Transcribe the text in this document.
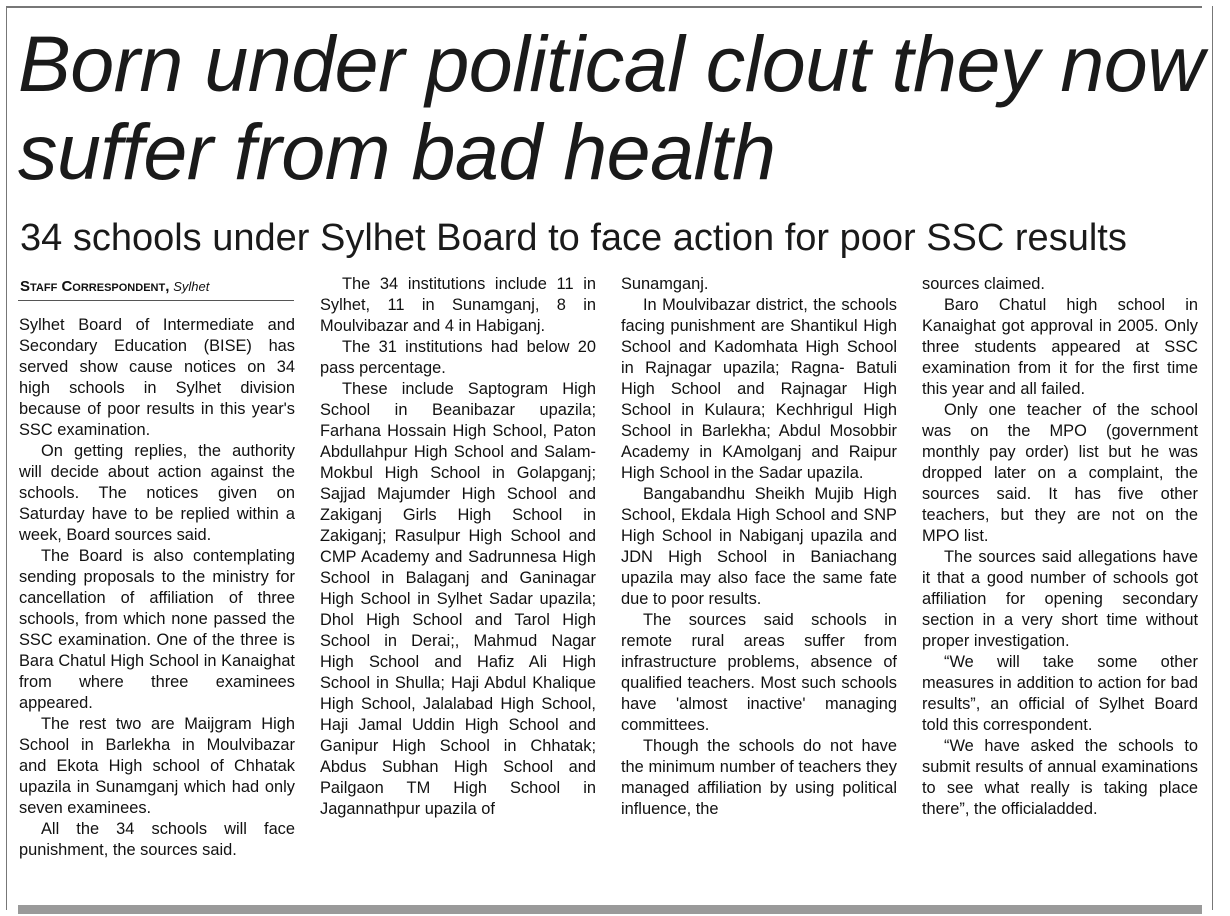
Born under political clout they now suffer from bad health
34 schools under Sylhet Board to face action for poor SSC results
Staff Correspondent, Sylhet

Sylhet Board of Intermediate and Secondary Education (BISE) has served show cause notices on 34 high schools in Sylhet division because of poor results in this year's SSC examination.

On getting replies, the authority will decide about action against the schools. The notices given on Saturday have to be replied within a week, Board sources said.

The Board is also contemplating sending proposals to the ministry for cancellation of affiliation of three schools, from which none passed the SSC examination. One of the three is Bara Chatul High School in Kanaighat from where three examinees appeared.

The rest two are Maijgram High School in Barlekha in Moulvibazar and Ekota High school of Chhatak upazila in Sunamganj which had only seven examinees.

All the 34 schools will face punishment, the sources said.

The 34 institutions include 11 in Sylhet, 11 in Sunamganj, 8 in Moulvibazar and 4 in Habiganj.

The 31 institutions had below 20 pass percentage.

These include Saptogram High School in Beanibazar upazila; Farhana Hossain High School, Paton Abdullahpur High School and Salam-Mokbul High School in Golapganj; Sajjad Majumder High School and Zakiganj Girls High School in Zakiganj; Rasulpur High School and CMP Academy and Sadrunnesa High School in Balaganj and Ganinagar High School in Sylhet Sadar upazila; Dhol High School and Tarol High School in Derai;, Mahmud Nagar High School and Hafiz Ali High School in Shulla; Haji Abdul Khalique High School, Jalalabad High School, Haji Jamal Uddin High School and Ganipur High School in Chhatak; Abdus Subhan High School and Pailgaon TM High School in Jagannathpur upazila of

Sunamganj.

In Moulvibazar district, the schools facing punishment are Shantikul High School and Kadomhata High School in Rajnagar upazila; Ragna- Batuli High School and Rajnagar High School in Kulaura; Kechhrigul High School in Barlekha; Abdul Mosobbir Academy in KAmolganj and Raipur High School in the Sadar upazila.

Bangabandhu Sheikh Mujib High School, Ekdala High School and SNP High School in Nabiganj upazila and JDN High School in Baniachang upazila may also face the same fate due to poor results.

The sources said schools in remote rural areas suffer from infrastructure problems, absence of qualified teachers. Most such schools have 'almost inactive' managing committees.

Though the schools do not have the minimum number of teachers they managed affiliation by using political influence, the

sources claimed.

Baro Chatul high school in Kanaighat got approval in 2005. Only three students appeared at SSC examination from it for the first time this year and all failed.

Only one teacher of the school was on the MPO (government monthly pay order) list but he was dropped later on a complaint, the sources said. It has five other teachers, but they are not on the MPO list.

The sources said allegations have it that a good number of schools got affiliation for opening secondary section in a very short time without proper investigation.

“We will take some other measures in addition to action for bad results”, an official of Sylhet Board told this correspondent.

“We have asked the schools to submit results of annual examinations to see what really is taking place there”, the officialadded.
